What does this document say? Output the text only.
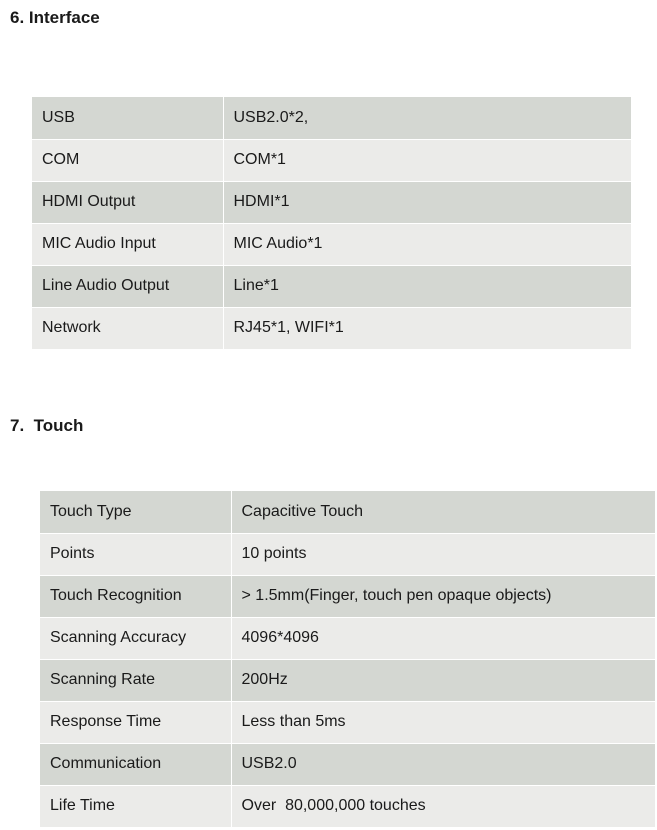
6. Interface
USB	USB2.0*2,
COM	COM*1
HDMI Output	HDMI*1
MIC Audio Input	MIC Audio*1
Line Audio Output	Line*1
Network	RJ45*1, WIFI*1
7.  Touch
Touch Type	Capacitive Touch
Points	10 points
Touch Recognition	> 1.5mm(Finger, touch pen opaque objects)
Scanning Accuracy	4096*4096
Scanning Rate	200Hz
Response Time	Less than 5ms
Communication	USB2.0
Life Time	Over  80,000,000 touches
